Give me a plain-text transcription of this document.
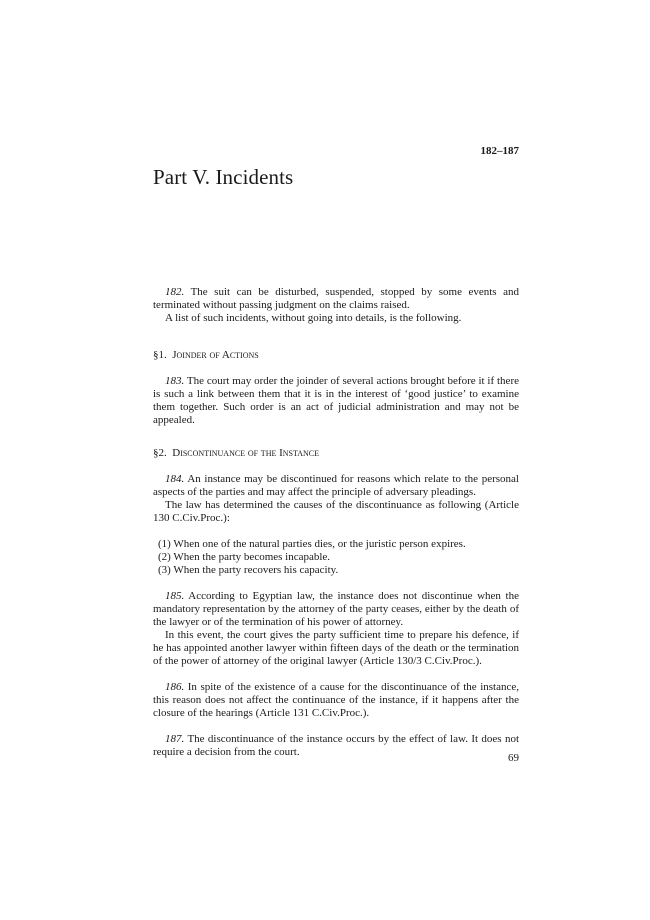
182–187
Part V. Incidents

182. The suit can be disturbed, suspended, stopped by some events and terminated without passing judgment on the claims raised.

A list of such incidents, without going into details, is the following.

§1. Joinder of Actions

183. The court may order the joinder of several actions brought before it if there is such a link between them that it is in the interest of ‘good justice’ to examine them together. Such order is an act of judicial administration and may not be appealed.

§2. Discontinuance of the Instance

184. An instance may be discontinued for reasons which relate to the personal aspects of the parties and may affect the principle of adversary pleadings.

The law has determined the causes of the discontinuance as following (Article 130 C.Civ.Proc.):

(1) When one of the natural parties dies, or the juristic person expires.
(2) When the party becomes incapable.
(3) When the party recovers his capacity.

185. According to Egyptian law, the instance does not discontinue when the mandatory representation by the attorney of the party ceases, either by the death of the lawyer or of the termination of his power of attorney.

In this event, the court gives the party sufficient time to prepare his defence, if he has appointed another lawyer within fifteen days of the death or the termination of the power of attorney of the original lawyer (Article 130/3 C.Civ.Proc.).

186. In spite of the existence of a cause for the discontinuance of the instance, this reason does not affect the continuance of the instance, if it happens after the closure of the hearings (Article 131 C.Civ.Proc.).

187. The discontinuance of the instance occurs by the effect of law. It does not require a decision from the court.	69
